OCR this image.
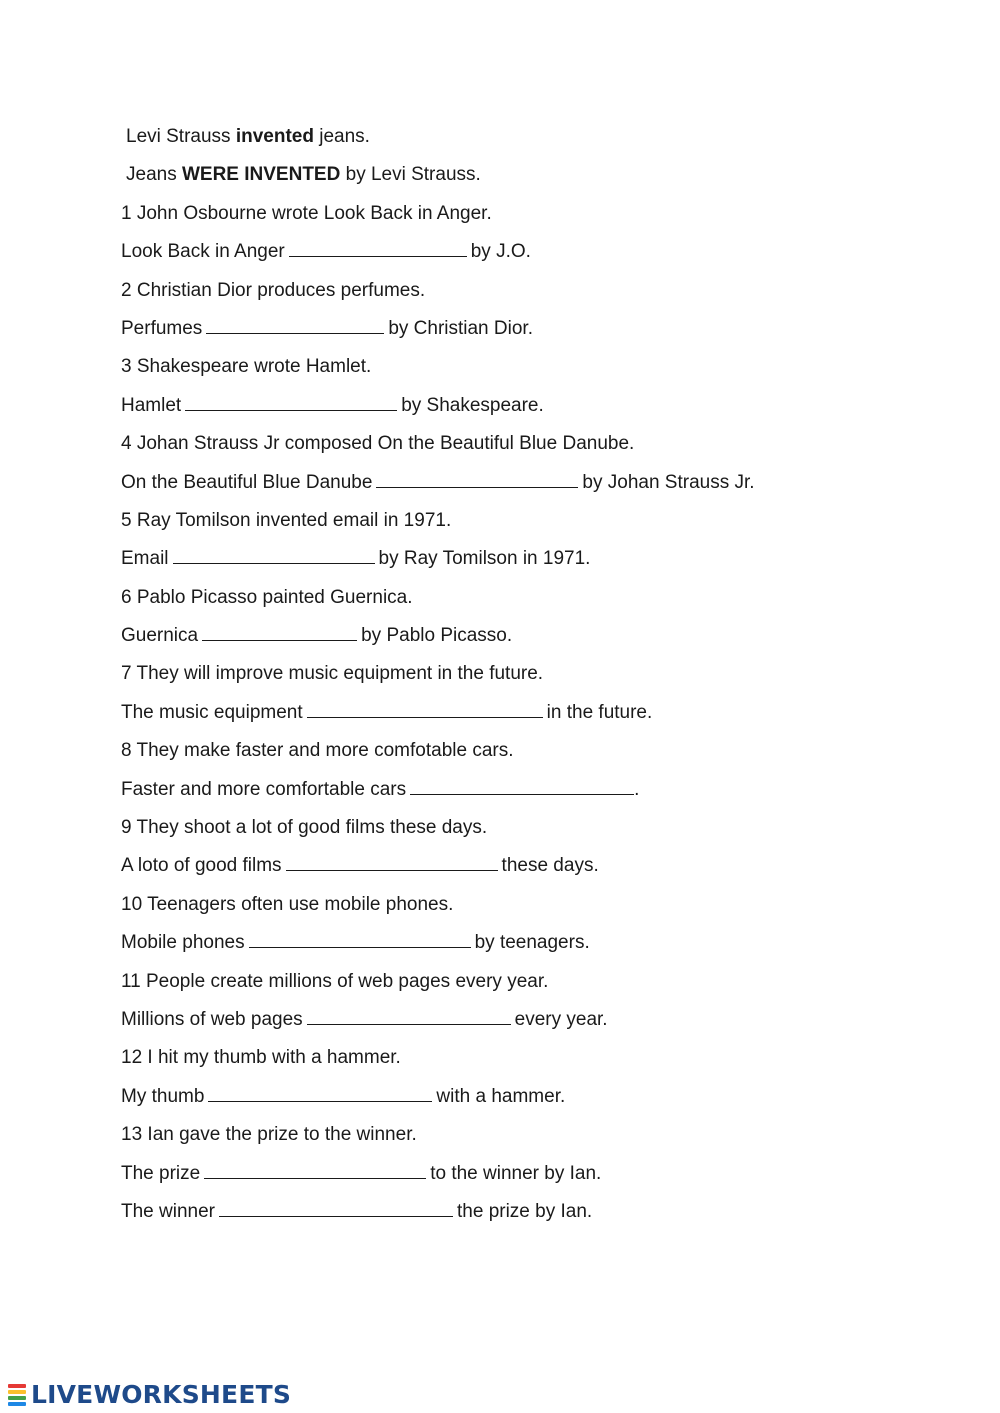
Levi Strauss invented jeans.
Jeans WERE INVENTED by Levi Strauss.
1 John Osbourne wrote Look Back in Anger.
Look Back in Anger	by J.O.
2 Christian Dior produces perfumes.
Perfumes	by Christian Dior.
3 Shakespeare wrote Hamlet.
Hamlet	by Shakespeare.
4 Johan Strauss Jr composed On the Beautiful Blue Danube.
On the Beautiful Blue Danube	by Johan Strauss Jr.
5 Ray Tomilson invented email in 1971.
Email	by Ray Tomilson in 1971.
6 Pablo Picasso painted Guernica.
Guernica	by Pablo Picasso.
7 They will improve music equipment in the future.
The music equipment	in the future.
8 They make faster and more comfotable cars.
Faster and more comfortable cars	.
9 They shoot a lot of good films these days.
A loto of good films	these days.
10 Teenagers often use mobile phones.
Mobile phones	by teenagers.
11 People create millions of web pages every year.
Millions of web pages	every year.
12 I hit my thumb with a hammer.
My thumb	with a hammer.
13 Ian gave the prize to the winner.
The prize	to the winner by Ian.
The winner	the prize by Ian.
LIVEWORKSHEETS
